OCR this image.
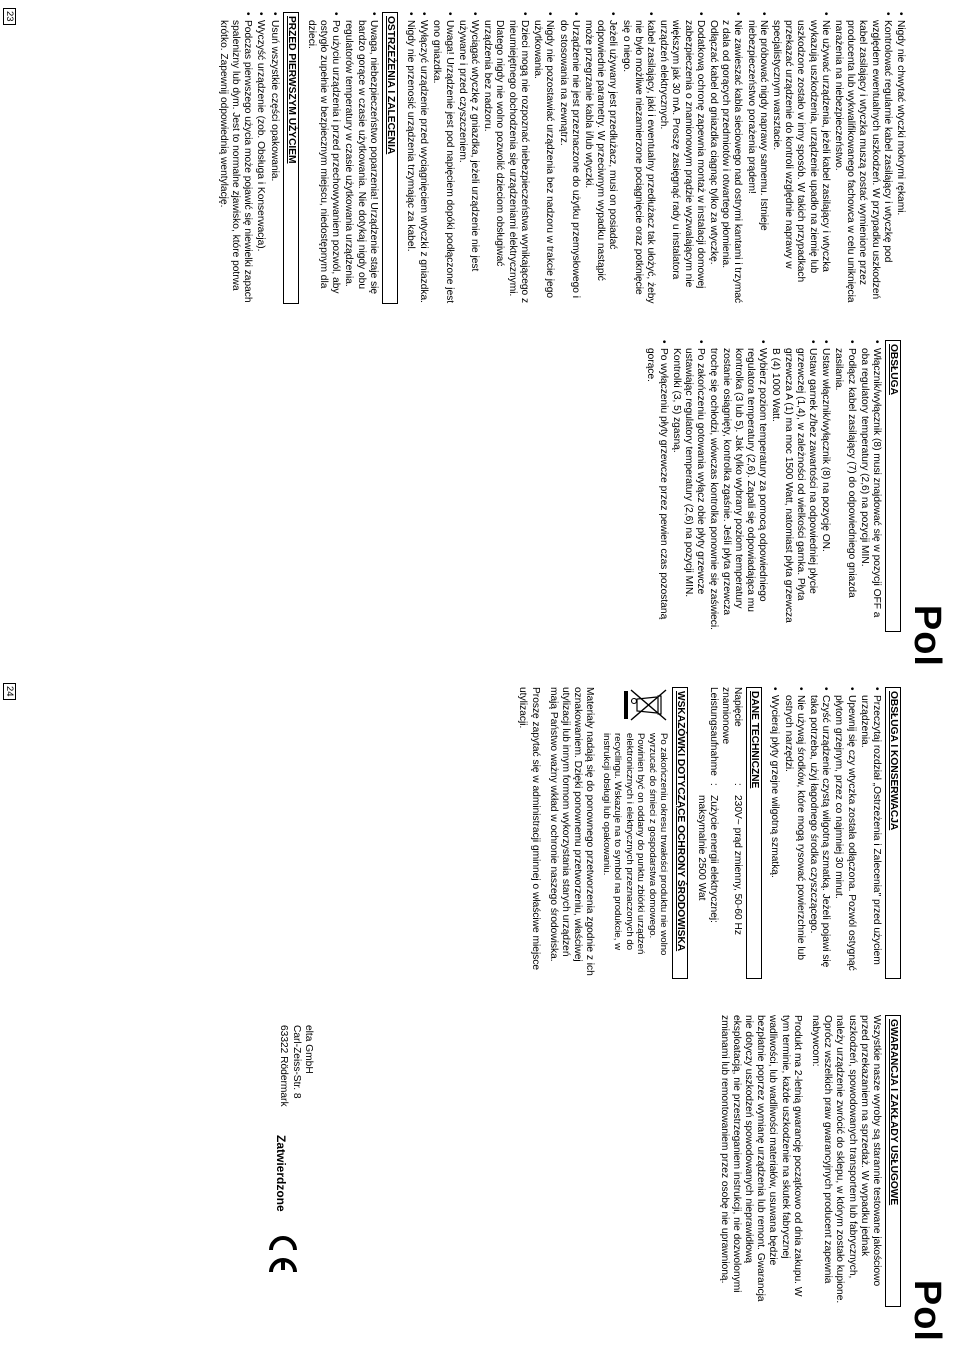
Pol
• Nigdy nie chwytać wtyczki mokrymi rękami.
• Kontrolować regularnie kabel zasilający i wtyczkę pod względem ewentualnych uszkodzeń. W przypadku uszkodzeń kabel zasilający i wtyczka muszą zostać wymienione przez producenta lub wykwalifikowanego fachowca w celu uniknięcia narażenia na niebezpieczeństwo.
• Nie używać urządzenia, jeżeli kabel zasilający i wtyczka wykazują uszkodzenia, urządzenie upadło na ziemię lub uszkodzone zostało w inny sposób. W takich przypadkach przekazać urządzenie do kontroli względnie naprawy w specjalistycznym warsztacie.
• Nie próbować nigdy naprawy samemu. Istnieje niebezpieczeństwo porażenia prądem!
• Nie zawieszać kabla sieciowego nad ostrymi kantami i trzymać z dala od gorących przedmiotów i otwartego płomienia. Odłączać kabel od gniazdka ciągnąc tylko za wtyczkę.
• Dodatkową ochronę zapewnia montaż w instalacji domowej zabezpieczenia o znamionowym prądzie wyzwalającym nie większym jak 30 mA. Proszę zasięgnąć rady u instalatora urządzeń elektrycznych.
• kabel zasilający, jaki i ewentualny przedłużacz tak ułożyć, żeby nie było możliwe niezamierzone pociągnięcie oraz potknięcie się o niego.
• Jeżeli używany jest przedłużacz, musi on posiadać odpowiednie parametry. W przeciwnym wypadku nastąpić może przegrzanie kabla i/lub wtyczki.
• Urządzenie nie jest przeznaczone do użytku przemysłowego i do stosowania na zewnątrz.
• Nigdy nie pozostawiać urządzenia bez nadzoru w trakcie jego użytkowania.
• Dzieci mogą nie rozpoznać niebezpieczeństwa wynikającego z nieumiejętnego obchodzenia się urządzeniami elektrycznymi. Dlatego nigdy nie wolno pozwolić dzieciom obsługiwać urządzenia bez nadzoru.
• Wyciągać wtyczkę z gniazdka, jeżeli urządzenie nie jest używane i przed czyszczeniem.
• Uwaga! Urządzenie jest pod napięciem dopóki podłączone jest ono gniazdka.
• Wyłączyć urządzenie przed wyciągnięciem wtyczki z gniazdka.
• Nigdy nie przenosić urządzenia trzymając za kabel.
OSTRZEŻENIA I ZALECENIA
• Uwaga, niebezpieczeństwo poparzenia! Urządzenie staje się bardzo gorące w czasie użytkowania. Nie dotykaj nigdy obu regulatorów temperatury w czasie użytkowania urządzenia.
• Po użyciu urządzenia i przed przechowywaniem pozwól, aby ostygło zupełnie w bezpiecznym miejscu, niedostępnym dla dzieci.
PRZED PIERWSZYM UŻYCIEM
• Usuń wszystkie części opakowania.
• Wyczyść urządzenie (zob. Obsługa i Konserwacja).
• Podczas pierwszego użycia może pojawić się niewielki zapach spalenizny lub dym. Jest to normalne zjawisko, które potrwa krótko. Zapewnij odpowiednią wentylację.
OBSŁUGA
• Włącznik/wyłącznik (8) musi znajdować się w pozycji OFF a oba regulatory temperatury (2,6) na pozycji MIN.
• Podłącz kabel zasilający (7) do odpowiedniego gniazda zasilania.
• Ustaw włącznik/wyłącznik (8) na pozycję ON.
• Ustaw garnek z/bez zawartości na odpowiedniej płycie grzewczej (1,4), w zależności od wielkości garnka. Płyta grzewcza A (1) ma moc 1500 Watt, natomiast płyta grzewcza B (4) 1000 Watt.
• Wybierz poziom temperatury za pomocą odpowiedniego regulatora temperatury (2,6). Zapali się odpowiadająca mu kontrolka (3 lub 5). Jak tylko wybrany poziom temperatury zostanie osiągnięty, kontrolka zgaśnie. Jeśli płyta grzewcza trochę się ochłodzi, wówczas kontrolka ponownie się zaświeci.
• Po zakończeniu gotowania wyłącz obie płyty grzewcze ustawiając regulatory temperatury (2,6) na pozycji MIN. Kontrolki (3, 5) zgasną.
• Po wyłączeniu płyty grzewcze przez pewien czas pozostaną gorące.
23
Pol
OBSŁUGA I KONSERWACJA
• Przeczytaj rozdział „Ostrzeżenia i Zalecenia" przed użyciem urządzenia.
• Upewnij się czy wtyczka została odłączona. Pozwól ostygnąć płytom grzejnym, przez co najmniej 30 minut.
• Czyść urządzenie czystą wilgotną szmatką. Jeżeli pojawi się taka potrzeba, użyj łagodnego środka czyszczącego.
• Nie używaj środków, które mogą rysować powierzchnie lub ostrych narzędzi.
• Wycieraj płyty grzejne wilgotną szmatką.
DANE TECHNICZNE
Napięcie znamionowe
:
230V~ prąd zmienny, 50-60 Hz
Leistungsaufnahme
:
Zużycie energii elektrycznej: maksymalnie 2500 Wat
WSKAZÓWKI DOTYCZĄCE OCHRONY ŚRODOWISKA
Po zakończeniu okresu trwałości produktu nie wolno wyrzucać do śmieci z gospodarstwa domowego. Powinien być on oddany do punktu zbiórki urządzeń elektronicznych i elektrycznych przeznaczonych do recyclingu. Wskazuje na to symbol na produkcie, w instrukcji obsługi lub opakowaniu.

Materiały nadają się do ponownego przetworzenia zgodnie z ich oznakowaniem. Dzięki ponownemu przetworzeniu, właściwej utylizacji lub innym formom wykorzystania starych urządzeń mają Państwo ważny wkład w ochronie naszego środowiska.

Proszę zapytać się w administracji gminnej o właściwe miejsce utylizacji.

GWARANCJA I ZAKŁADY USŁUGOWE

Wszystkie nasze wyroby są starannie testowane jakościowo przed przekazaniem na sprzedaż. W wypadku jednak uszkodzeń, spowodowanych transportem lub fabrycznych, należy urządzenie zwrócić do sklepu, w którym zostało kupione. Oprócz wszelkich praw gwarancyjnych producent zapewnia nabywcom:

Produkt ma 2-letnią gwarancję początkowo od dnia zakupu. W tym terminie, każde uszkodzenie na skutek fabrycznej wadliwości, lub wadliwości materiałów, usuwana będzie bezpłatnie poprzez wymianę urządzenia lub remont. Gwarancja nie dotyczy uszkodzeń spowodowanych nieprawidłową eksploatacją, nie przestrzeganiem instrukcji, nie dozwolonymi zmianami lub remontowaniem przez osobę nie uprawnioną.

elta GmbH
Carl-Zeiss-Str. 8
63322 Rödermark
Zatwierdzone
24
